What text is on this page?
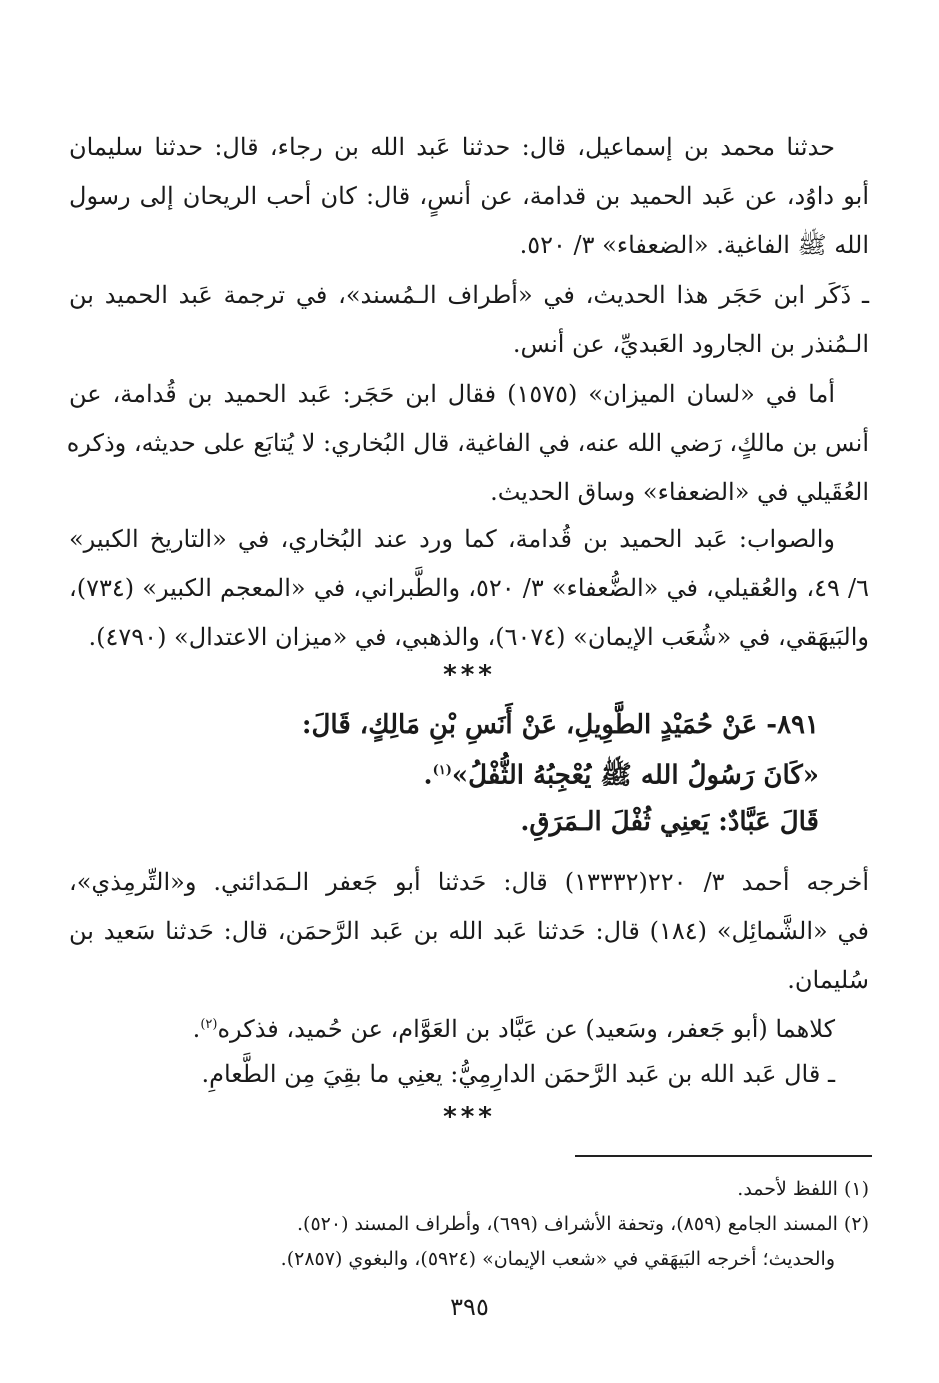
حدثنا محمد بن إسماعيل، قال: حدثنا عَبد الله بن رجاء، قال: حدثنا سليمان
أبو داوُد، عن عَبد الحميد بن قدامة، عن أنسٍ، قال: كان أحب الريحان إلى رسول
الله ﷺ الفاغية. «الضعفاء» ٣/ ٥٢٠.
ـ ذَكَر ابن حَجَر هذا الحديث، في «أطراف الـمُسند»، في ترجمة عَبد الحميد بن
الـمُنذر بن الجارود العَبديِّ، عن أنس.
أما في «لسان الميزان» (١٥٧٥) فقال ابن حَجَر: عَبد الحميد بن قُدامة، عن
أنس بن مالكٍ، رَضي الله عنه، في الفاغية، قال البُخاري: لا يُتابَع على حديثه، وذكره
العُقَيلي في «الضعفاء» وساق الحديث.
والصواب: عَبد الحميد بن قُدامة، كما ورد عند البُخاري، في «التاريخ الكبير»
٦/ ٤٩، والعُقيلي، في «الضُّعفاء» ٣/ ٥٢٠، والطَّبراني، في «المعجم الكبير» (٧٣٤)،
والبَيهَقي، في «شُعَب الإيمان» (٦٠٧٤)، والذهبي، في «ميزان الاعتدال» (٤٧٩٠).
***
٨٩١- عَنْ حُمَيْدٍ الطَّوِيلِ، عَنْ أَنَسِ بْنِ مَالِكٍ، قَالَ:
«كَانَ رَسُولُ الله ﷺ يُعْجِبُهُ الثُّفْلُ»$^{(١)}$.
قَالَ عَبَّادٌ: يَعنِي ثُفْلَ الـمَرَقِ.
أخرجه أحمد ٣/ ٢٢٠(١٣٣٣٢) قال: حَدثنا أبو جَعفر الـمَدائني. و«التِّرمِذي»،
في «الشَّمائِل» (١٨٤) قال: حَدثنا عَبد الله بن عَبد الرَّحمَن، قال: حَدثنا سَعيد بن
سُليمان.
كلاهما (أبو جَعفر، وسَعيد) عن عَبَّاد بن العَوَّام، عن حُميد، فذكره$^{(٢)}$.
ـ قال عَبد الله بن عَبد الرَّحمَن الدارِمِيُّ: يعنِي ما بقِيَ مِن الطَّعامِ.
***
(١) اللفظ لأحمد.
(٢) المسند الجامع (٨٥٩)، وتحفة الأشراف (٦٩٩)، وأطراف المسند (٥٢٠).
والحديث؛ أخرجه البَيهَقي في «شعب الإيمان» (٥٩٢٤)، والبغوي (٢٨٥٧).
٣٩٥
